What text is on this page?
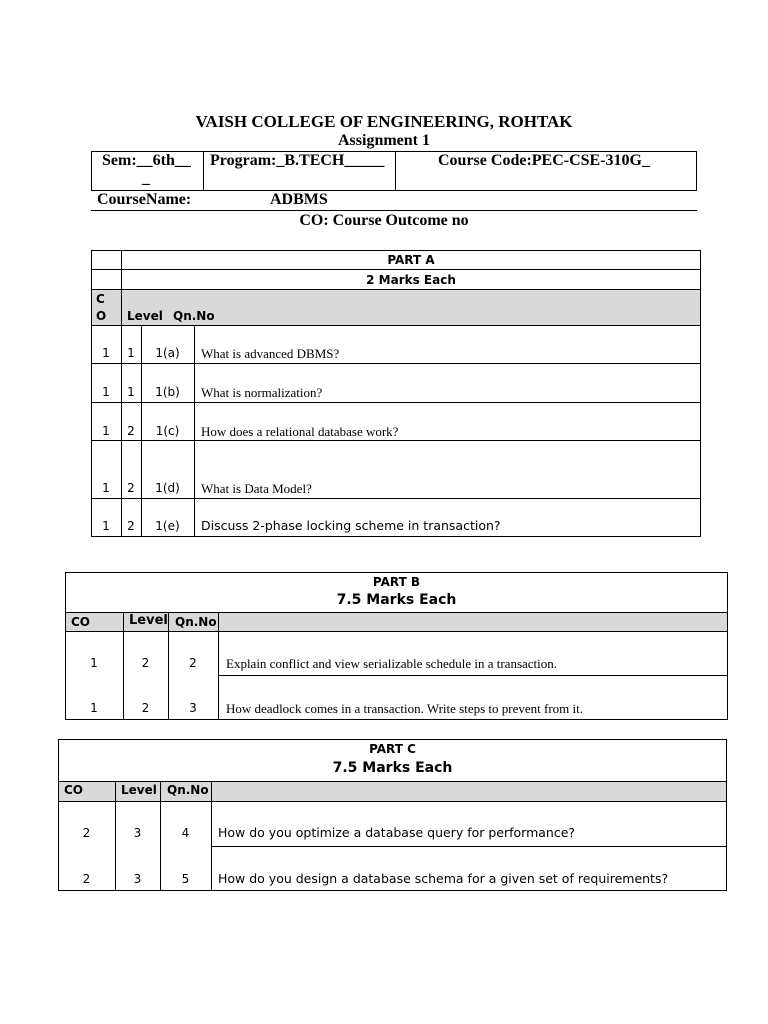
VAISH COLLEGE OF ENGINEERING, ROHTAK
Assignment 1
Sem:__6th__
_
Program:_B.TECH_____	Course Code:PEC-CSE-310G_
CourseName:	ADBMS
CO: Course Outcome no
PART A
2 Marks Each
C
O Level Qn.No
1	1	1(a)	What is advanced DBMS?
1	1	1(b)	What is normalization?
1	2	1(c)	How does a relational database work?
1	2	1(d)	What is Data Model?
1	2	1(e)	Discuss 2-phase locking scheme in transaction?
PART B
7.5 Marks Each
CO	Level Qn.No
1	2	2	Explain conflict and view serializable schedule in a transaction.
1	2	3	How deadlock comes in a transaction. Write steps to prevent from it.
PART C
7.5 Marks Each
CO	Level Qn.No
2	3	4	How do you optimize a database query for performance?
2	3	5	How do you design a database schema for a given set of requirements?
